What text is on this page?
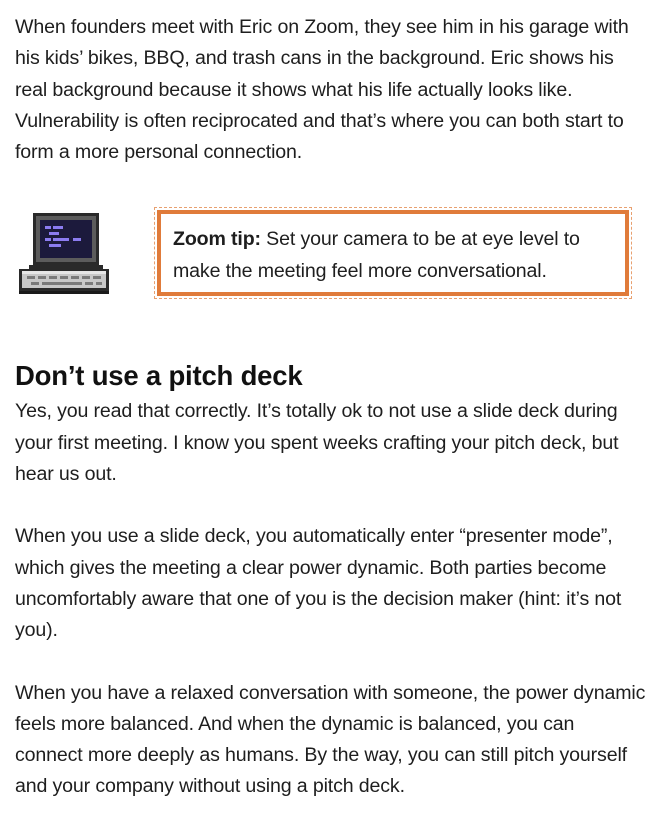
When founders meet with Eric on Zoom, they see him in his garage with his kids’ bikes, BBQ, and trash cans in the background. Eric shows his real background because it shows what his life actually looks like. Vulnerability is often reciprocated and that’s where you can both start to form a more personal connection.

Zoom tip: Set your camera to be at eye level to make the meeting feel more conversational.

Don’t use a pitch deck

Yes, you read that correctly. It’s totally ok to not use a slide deck during your first meeting. I know you spent weeks crafting your pitch deck, but hear us out.

When you use a slide deck, you automatically enter “presenter mode”, which gives the meeting a clear power dynamic. Both parties become uncomfortably aware that one of you is the decision maker (hint: it’s not you).

When you have a relaxed conversation with someone, the power dynamic feels more balanced. And when the dynamic is balanced, you can connect more deeply as humans. By the way, you can still pitch yourself and your company without using a pitch deck.
